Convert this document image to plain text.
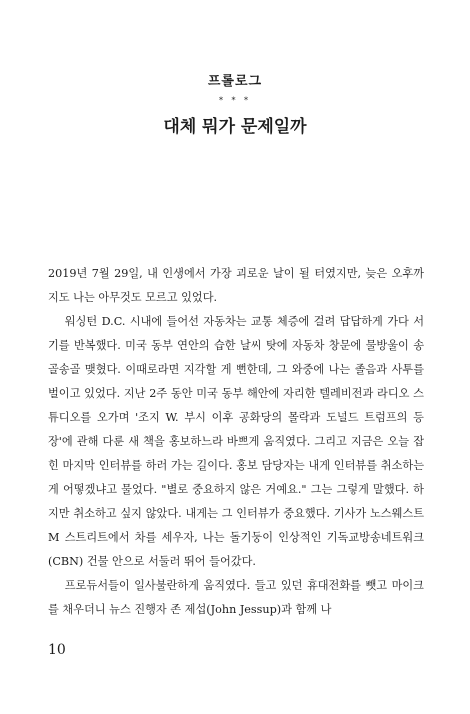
프롤로그
* * *
대체 뭐가 문제일까

2019년 7월 29일, 내 인생에서 가장 괴로운 날이 될 터였지만, 늦은 오후까지도 나는 아무것도 모르고 있었다.

워싱턴 D.C. 시내에 들어선 자동차는 교통 체증에 걸려 답답하게 가다 서기를 반복했다. 미국 동부 연안의 습한 날씨 탓에 자동차 창문에 물방울이 송골송골 맺혔다. 이때로라면 지각할 게 뻔한데, 그 와중에 나는 졸음과 사투를 벌이고 있었다. 지난 2주 동안 미국 동부 해안에 자리한 텔레비전과 라디오 스튜디오를 오가며 '조지 W. 부시 이후 공화당의 몰락과 도널드 트럼프의 등장'에 관해 다룬 새 책을 홍보하느라 바쁘게 움직였다. 그리고 지금은 오늘 잡힌 마지막 인터뷰를 하러 가는 길이다. 홍보 담당자는 내게 인터뷰를 취소하는 게 어떻겠냐고 물었다. "별로 중요하지 않은 거예요." 그는 그렇게 말했다. 하지만 취소하고 싶지 않았다. 내게는 그 인터뷰가 중요했다. 기사가 노스웨스트 M 스트리트에서 차를 세우자, 나는 돌기둥이 인상적인 기독교방송네트워크(CBN) 건물 안으로 서둘러 뛰어 들어갔다.

프로듀서들이 일사불란하게 움직였다. 들고 있던 휴대전화를 뺏고 마이크를 채우더니 뉴스 진행자 존 제섭(John Jessup)과 함께 나

10
